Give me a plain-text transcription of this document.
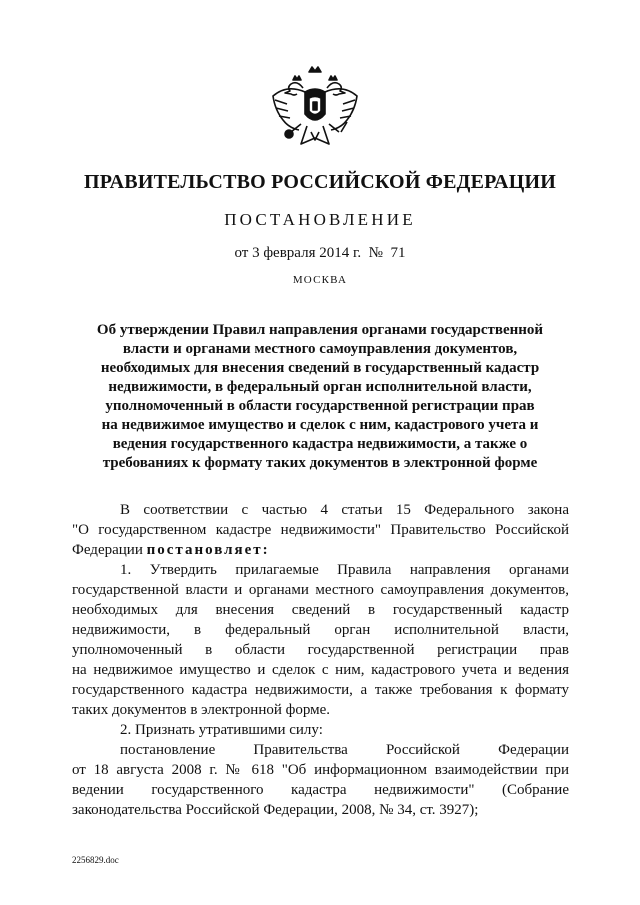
ПРАВИТЕЛЬСТВО РОССИЙСКОЙ ФЕДЕРАЦИИ
ПОСТАНОВЛЕНИЕ
от 3 февраля 2014 г.  №  71
МОСКВА
Об утверждении Правил направления органами государственной
власти и органами местного самоуправления документов,
необходимых для внесения сведений в государственный кадастр
недвижимости, в федеральный орган исполнительной власти,
уполномоченный в области государственной регистрации прав
на недвижимое имущество и сделок с ним, кадастрового учета и
ведения государственного кадастра недвижимости, а также о
требованиях к формату таких документов в электронной форме
В соответствии с частью 4 статьи 15 Федерального закона
"О государственном кадастре недвижимости" Правительство Российской
Федерации постановляет:
1. Утвердить прилагаемые Правила направления органами
государственной власти и органами местного самоуправления документов,
необходимых для внесения сведений в государственный кадастр
недвижимости, в федеральный орган исполнительной власти,
уполномоченный в области государственной регистрации прав
на недвижимое имущество и сделок с ним, кадастрового учета и ведения
государственного кадастра недвижимости, а также требования к формату
таких документов в электронной форме.
2. Признать утратившими силу:
постановление Правительства Российской Федерации
от 18 августа 2008 г. № 618 "Об информационном взаимодействии при
ведении государственного кадастра недвижимости" (Собрание
законодательства Российской Федерации, 2008, № 34, ст. 3927);
2256829.doc
